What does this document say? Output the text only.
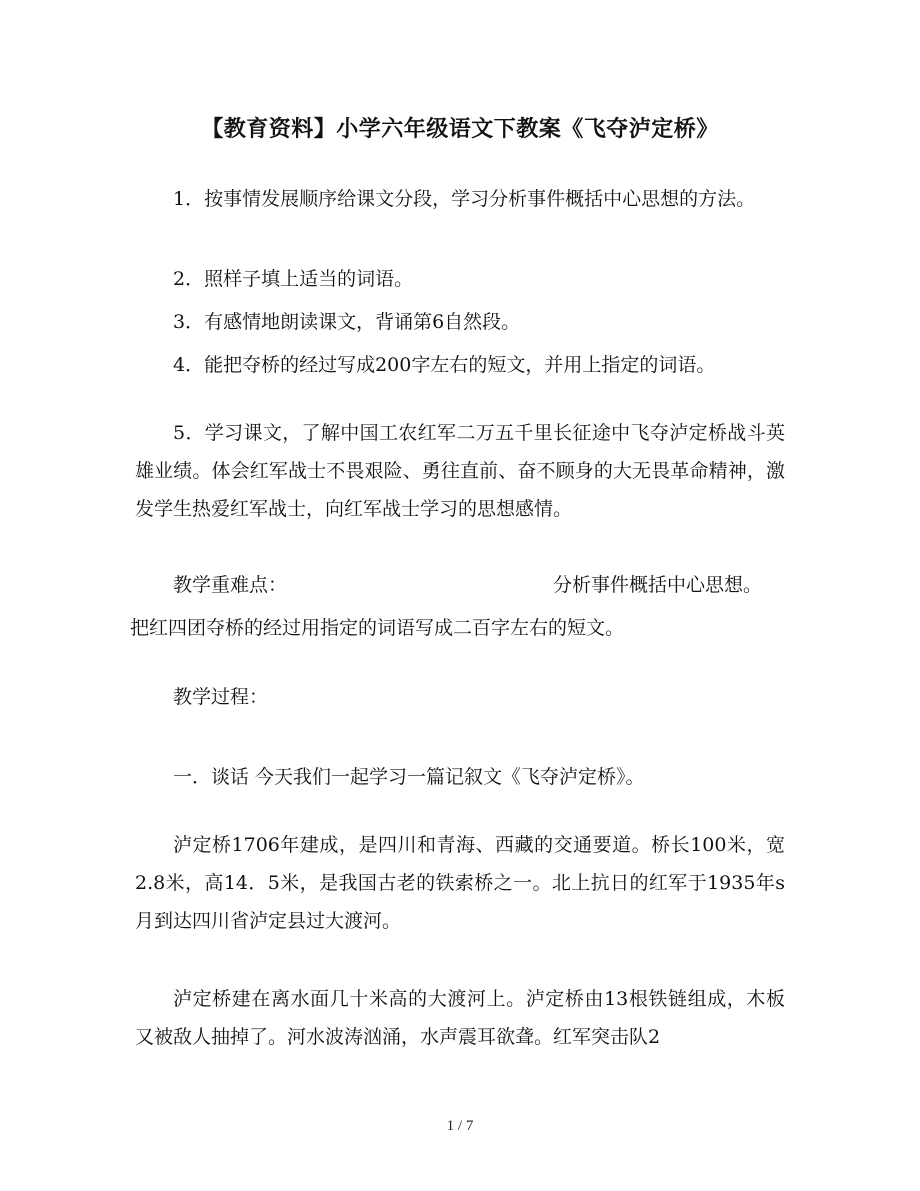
【教育资料】小学六年级语文下教案《飞夺泸定桥》
1．按事情发展顺序给课文分段，学习分析事件概括中心思想的方法。
2．照样子填上适当的词语。
3．有感情地朗读课文，背诵第6自然段。
4．能把夺桥的经过写成200字左右的短文，并用上指定的词语。
5．学习课文，了解中国工农红军二万五千里长征途中飞夺泸定桥战斗英雄业绩。体会红军战士不畏艰险、勇往直前、奋不顾身的大无畏革命精神，激发学生热爱红军战士，向红军战士学习的思想感情。
教学重难点：	分析事件概括中心思想。
把红四团夺桥的经过用指定的词语写成二百字左右的短文。
教学过程：
一．谈话 今天我们一起学习一篇记叙文《飞夺泸定桥》。
泸定桥1706年建成，是四川和青海、西藏的交通要道。桥长100米，宽2.8米，高14．5米，是我国古老的铁索桥之一。北上抗日的红军于1935年s月到达四川省泸定县过大渡河。
泸定桥建在离水面几十米高的大渡河上。泸定桥由13根铁链组成，木板又被敌人抽掉了。河水波涛汹涌，水声震耳欲聋。红军突击队2
1 / 7
